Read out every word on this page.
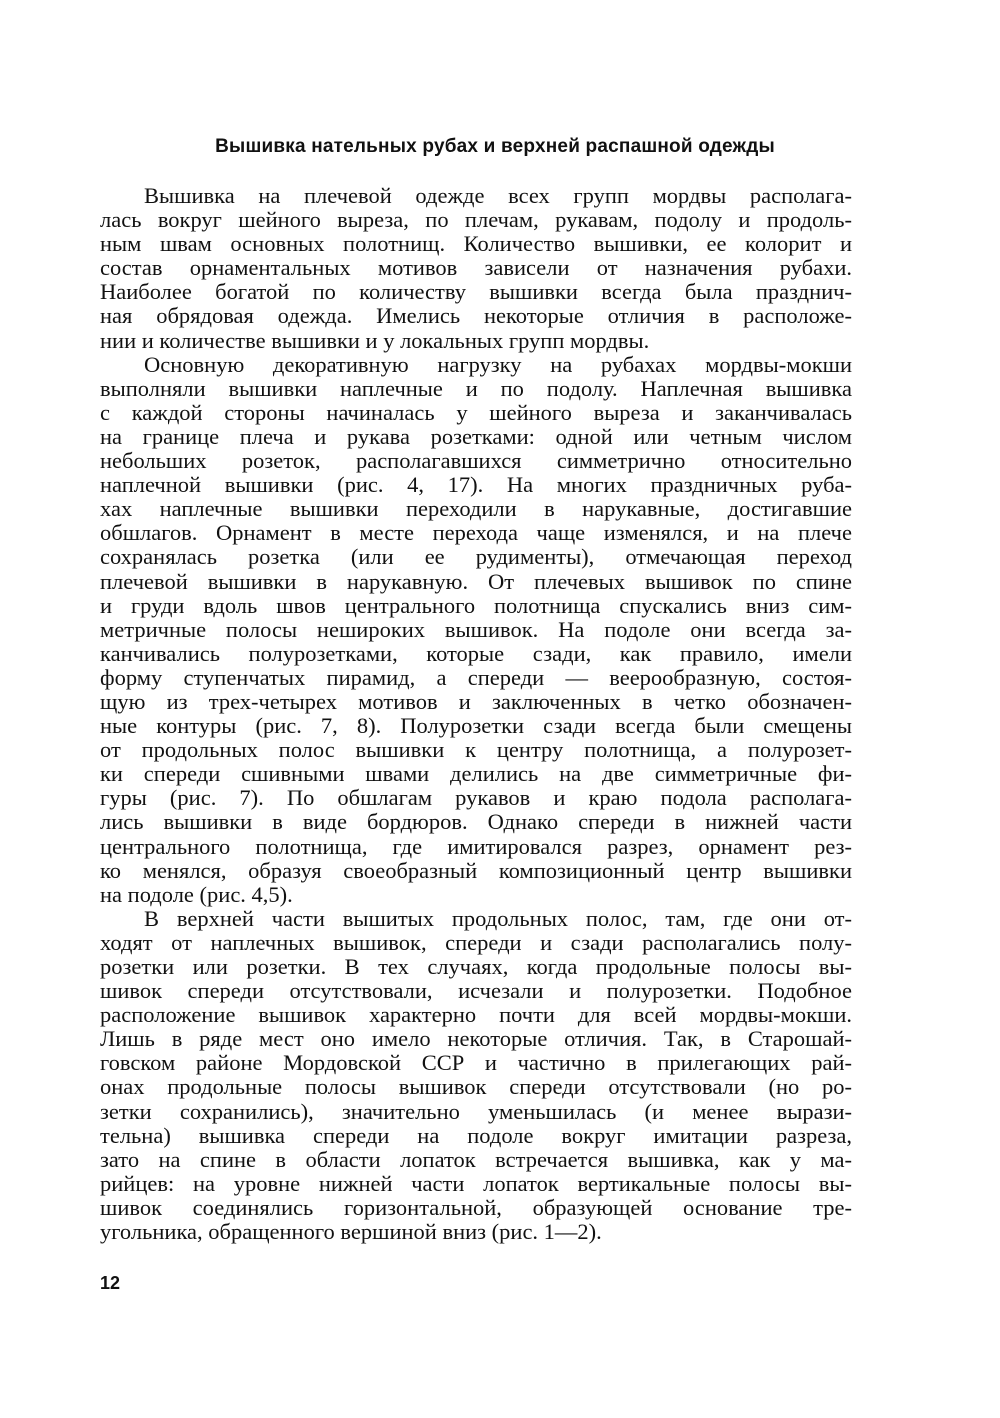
Вышивка нательных рубах и верхней распашной одежды

Вышивка на плечевой одежде всех групп мордвы располага-
лась вокруг шейного выреза, по плечам, рукавам, подолу и продоль-
ным швам основных полотнищ. Количество вышивки, ее колорит и
состав орнаментальных мотивов зависели от назначения рубахи.
Наиболее богатой по количеству вышивки всегда была празднич-
ная обрядовая одежда. Имелись некоторые отличия в расположе-
нии и количестве вышивки и у локальных групп мордвы.

Основную декоративную нагрузку на рубахах мордвы-мокши
выполняли вышивки наплечные и по подолу. Наплечная вышивка
с каждой стороны начиналась у шейного выреза и заканчивалась
на границе плеча и рукава розетками: одной или четным числом
небольших розеток, располагавшихся симметрично относительно
наплечной вышивки (рис. 4, 17). На многих праздничных руба-
хах наплечные вышивки переходили в нарукавные, достигавшие
обшлагов. Орнамент в месте перехода чаще изменялся, и на плече
сохранялась розетка (или ее рудименты), отмечающая переход
плечевой вышивки в нарукавную. От плечевых вышивок по спине
и груди вдоль швов центрального полотнища спускались вниз сим-
метричные полосы неширoких вышивок. На подоле они всегда за-
канчивались полурозетками, которые сзади, как правило, имели
форму ступенчатых пирамид, а спереди — веерообразную, состоя-
щую из трех-четырех мотивов и заключенных в четко обозначен-
ные контуры (рис. 7, 8). Полурозетки сзади всегда были смещены
от продольных полос вышивки к центру полотнища, а полурозет-
ки спереди сшивными швами делились на две симметричные фи-
гуры (рис. 7). По обшлагам рукавов и краю подола располага-
лись вышивки в виде бордюров. Однако спереди в нижней части
центрального полотнища, где имитировался разрез, орнамент рез-
ко менялся, образуя своеобразный композиционный центр вышивки
на подоле (рис. 4,5).

В верхней части вышитых продольных полос, там, где они от-
ходят от наплечных вышивок, спереди и сзади располагались полу-
розетки или розетки. В тех случаях, когда продольные полосы вы-
шивок спереди отсутствовали, исчезали и полурозетки. Подобное
расположение вышивок характерно почти для всей мордвы-мокши.
Лишь в ряде мест оно имело некоторые отличия. Так, в Старошай-
говском районе Мордовской ССР и частично в прилегающих рай-
онах продольные полосы вышивок спереди отсутствовали (но ро-
зетки сохранились), значительно уменьшилась (и менее вырази-
тельна) вышивка спереди на подоле вокруг имитации разреза,
зато на спине в области лопаток встречается вышивка, как у ма-
рийцев: на уровне нижней части лопаток вертикальные полосы вы-
шивок соединялись горизонтальной, образующей основание тре-
угольника, обращенного вершиной вниз (рис. 1—2).

12
